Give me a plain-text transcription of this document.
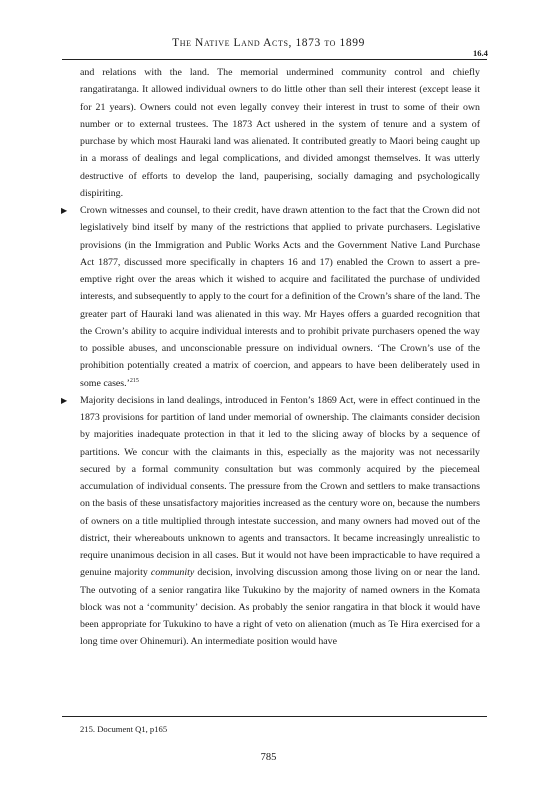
The Native Land Acts, 1873 to 1899
16.4

and relations with the land. The memorial undermined community control and chiefly rangatiratanga. It allowed individual owners to do little other than sell their interest (except lease it for 21 years). Owners could not even legally convey their interest in trust to some of their own number or to external trustees. The 1873 Act ushered in the system of tenure and a system of purchase by which most Hauraki land was alienated. It contributed greatly to Maori being caught up in a morass of dealings and legal complications, and divided amongst themselves. It was utterly destructive of efforts to develop the land, pauperising, socially damaging and psychologically dispiriting.

▶ Crown witnesses and counsel, to their credit, have drawn attention to the fact that the Crown did not legislatively bind itself by many of the restrictions that applied to private purchasers. Legislative provisions (in the Immigration and Public Works Acts and the Government Native Land Purchase Act 1877, discussed more specifically in chapters 16 and 17) enabled the Crown to assert a pre-emptive right over the areas which it wished to acquire and facilitated the purchase of undivided interests, and subsequently to apply to the court for a definition of the Crown’s share of the land. The greater part of Hauraki land was alienated in this way. Mr Hayes offers a guarded recognition that the Crown’s ability to acquire individual interests and to prohibit private purchasers opened the way to possible abuses, and unconscionable pressure on individual owners. ‘The Crown’s use of the prohibition potentially created a matrix of coercion, and appears to have been deliberately used in some cases.’$^{215}$

▶ Majority decisions in land dealings, introduced in Fenton’s 1869 Act, were in effect continued in the 1873 provisions for partition of land under memorial of ownership. The claimants consider decision by majorities inadequate protection in that it led to the slicing away of blocks by a sequence of partitions. We concur with the claimants in this, especially as the majority was not necessarily secured by a formal community consultation but was commonly acquired by the piecemeal accumulation of individual consents. The pressure from the Crown and settlers to make transactions on the basis of these unsatisfactory majorities increased as the century wore on, because the numbers of owners on a title multiplied through intestate succession, and many owners had moved out of the district, their whereabouts unknown to agents and transactors. It became increasingly unrealistic to require unanimous decision in all cases. But it would not have been impracticable to have required a genuine majority community decision, involving discussion among those living on or near the land. The outvoting of a senior rangatira like Tukukino by the majority of named owners in the Komata block was not a ‘community’ decision. As probably the senior rangatira in that block it would have been appropriate for Tukukino to have a right of veto on alienation (much as Te Hira exercised for a long time over Ohinemuri). An intermediate position would have

215. Document Q1, p165
785
